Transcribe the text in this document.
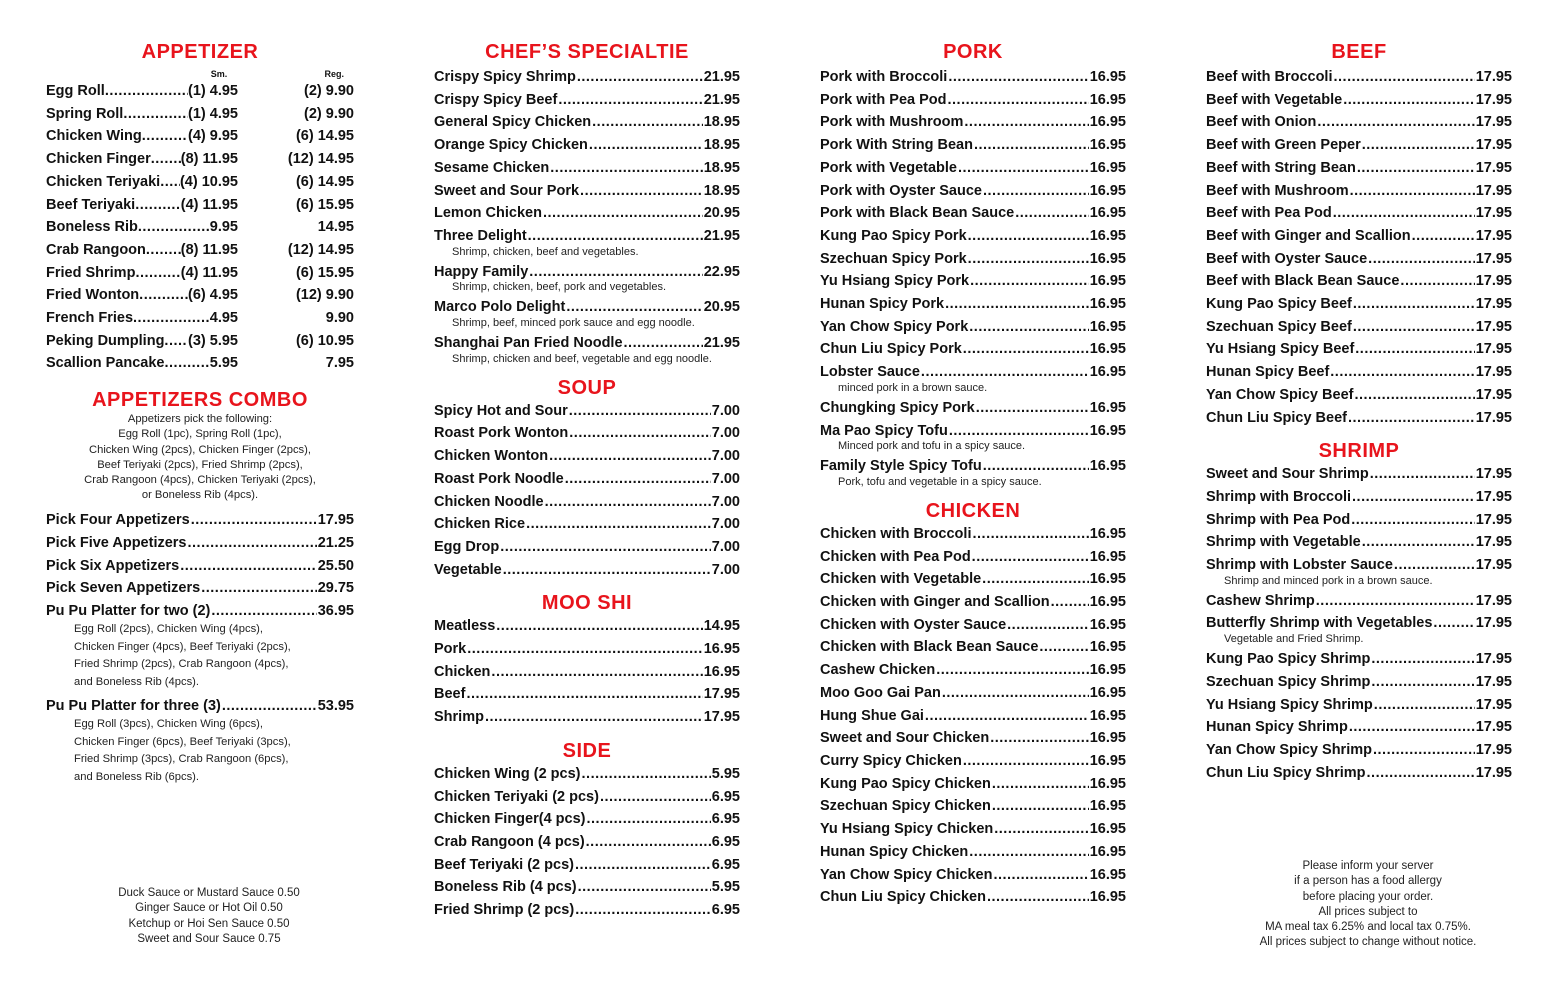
APPETIZER
Sm.	Reg.
Egg Roll .....	(1) 4.95	(2) 9.90
Spring Roll .....	(1) 4.95	(2) 9.90
Chicken Wing .....	(4) 9.95	(6) 14.95
Chicken Finger ..... (8) 11.95	(12) 14.95
Chicken Teriyaki ..... (4) 10.95	(6) 14.95
Beef Teriyaki .....	(4) 11.95	(6) 15.95
Boneless Rib .....	9.95	14.95
Crab Rangoon ..... (8) 11.95	(12) 14.95
Fried Shrimp .....	(4) 11.95	(6) 15.95
Fried Wonton .....	(6) 4.95	(12) 9.90
French Fries .....	4.95	9.90
Peking Dumpling ..... (3) 5.95	(6) 10.95
Scallion Pancake .....	5.95	7.95
APPETIZERS COMBO
Appetizers pick the following:
Egg Roll (1pc), Spring Roll (1pc),
Chicken Wing (2pcs), Chicken Finger (2pcs),
Beef Teriyaki (2pcs), Fried Shrimp (2pcs),
Crab Rangoon (4pcs), Chicken Teriyaki (2pcs),
or Boneless Rib (4pcs).
Pick Four Appetizers .....	17.95
Pick Five Appetizers .....	21.25
Pick Six Appetizers .....	25.50
Pick Seven Appetizers .....	29.75
Pu Pu Platter for two (2) .....	36.95
Egg Roll (2pcs), Chicken Wing (4pcs),
Chicken Finger (4pcs), Beef Teriyaki (2pcs),
Fried Shrimp (2pcs), Crab Rangoon (4pcs),
and Boneless Rib (4pcs).
Pu Pu Platter for three (3) .....	53.95
Egg Roll (3pcs), Chicken Wing (6pcs),
Chicken Finger (6pcs), Beef Teriyaki (3pcs),
Fried Shrimp (3pcs), Crab Rangoon (6pcs),
and Boneless Rib (6pcs).
Duck Sauce or Mustard Sauce 0.50
Ginger Sauce or Hot Oil 0.50
Ketchup or Hoi Sen Sauce 0.50
Sweet and Sour Sauce 0.75
CHEF’S SPECIALTIE
Crispy Spicy Shrimp .....	21.95
Crispy Spicy Beef .....	21.95
General Spicy Chicken .....	18.95
Orange Spicy Chicken .....	18.95
Sesame Chicken .....	18.95
Sweet and Sour Pork .....	18.95
Lemon Chicken .....	20.95
Three Delight .....	21.95
Shrimp, chicken, beef and vegetables.
Happy Family .....	22.95
Shrimp, chicken, beef, pork and vegetables.
Marco Polo Delight .....	20.95
Shrimp, beef, minced pork sauce and egg noodle.
Shanghai Pan Fried Noodle .....	21.95
Shrimp, chicken and beef, vegetable and egg noodle.
SOUP
Spicy Hot and Sour .....	7.00
Roast Pork Wonton .....	7.00
Chicken Wonton .....	7.00
Roast Pork Noodle .....	7.00
Chicken Noodle .....	7.00
Chicken Rice .....	7.00
Egg Drop .....	7.00
Vegetable .....	7.00
MOO SHI
Meatless .....	14.95
Pork .....	16.95
Chicken .....	16.95
Beef .....	17.95
Shrimp .....	17.95
SIDE
Chicken Wing (2 pcs) .....	5.95
Chicken Teriyaki (2 pcs) .....	6.95
Chicken Finger(4 pcs) .....	6.95
Crab Rangoon (4 pcs) .....	6.95
Beef Teriyaki (2 pcs) .....	6.95
Boneless Rib (4 pcs) .....	5.95
Fried Shrimp (2 pcs) .....	6.95
PORK
Pork with Broccoli .....	16.95
Pork with Pea Pod .....	16.95
Pork with Mushroom .....	16.95
Pork With String Bean .....	16.95
Pork with Vegetable .....	16.95
Pork with Oyster Sauce .....	16.95
Pork with Black Bean Sauce .....	16.95
Kung Pao Spicy Pork .....	16.95
Szechuan Spicy Pork .....	16.95
Yu Hsiang Spicy Pork .....	16.95
Hunan Spicy Pork .....	16.95
Yan Chow Spicy Pork .....	16.95
Chun Liu Spicy Pork .....	16.95
Lobster Sauce .....	16.95
minced pork in a brown sauce.
Chungking Spicy Pork .....	16.95
Ma Pao Spicy Tofu .....	16.95
Minced pork and tofu in a spicy sauce.
Family Style Spicy Tofu .....	16.95
Pork, tofu and vegetable in a spicy sauce.
CHICKEN
Chicken with Broccoli .....	16.95
Chicken with Pea Pod .....	16.95
Chicken with Vegetable .....	16.95
Chicken with Ginger and Scallion .....	16.95
Chicken with Oyster Sauce .....	16.95
Chicken with Black Bean Sauce .....	16.95
Cashew Chicken .....	16.95
Moo Goo Gai Pan .....	16.95
Hung Shue Gai .....	16.95
Sweet and Sour Chicken .....	16.95
Curry Spicy Chicken .....	16.95
Kung Pao Spicy Chicken .....	16.95
Szechuan Spicy Chicken .....	16.95
Yu Hsiang Spicy Chicken .....	16.95
Hunan Spicy Chicken .....	16.95
Yan Chow Spicy Chicken .....	16.95
Chun Liu Spicy Chicken .....	16.95
BEEF
Beef with Broccoli .....	17.95
Beef with Vegetable .....	17.95
Beef with Onion .....	17.95
Beef with Green Peper .....	17.95
Beef with String Bean .....	17.95
Beef with Mushroom .....	17.95
Beef with Pea Pod .....	17.95
Beef with Ginger and Scallion .....	17.95
Beef with Oyster Sauce .....	17.95
Beef with Black Bean Sauce .....	17.95
Kung Pao Spicy Beef .....	17.95
Szechuan Spicy Beef .....	17.95
Yu Hsiang Spicy Beef .....	17.95
Hunan Spicy Beef .....	17.95
Yan Chow Spicy Beef .....	17.95
Chun Liu Spicy Beef .....	17.95
SHRIMP
Sweet and Sour Shrimp .....	17.95
Shrimp with Broccoli .....	17.95
Shrimp with Pea Pod .....	17.95
Shrimp with Vegetable .....	17.95
Shrimp with Lobster Sauce .....	17.95
Shrimp and minced pork in a brown sauce.
Cashew Shrimp .....	17.95
Butterfly Shrimp with Vegetables .....	17.95
Vegetable and Fried Shrimp.
Kung Pao Spicy Shrimp .....	17.95
Szechuan Spicy Shrimp .....	17.95
Yu Hsiang Spicy Shrimp .....	17.95
Hunan Spicy Shrimp .....	17.95
Yan Chow Spicy Shrimp .....	17.95
Chun Liu Spicy Shrimp .....	17.95
Please inform your server
if a person has a food allergy
before placing your order.
All prices subject to
MA meal tax 6.25% and local tax 0.75%.
All prices subject to change without notice.
